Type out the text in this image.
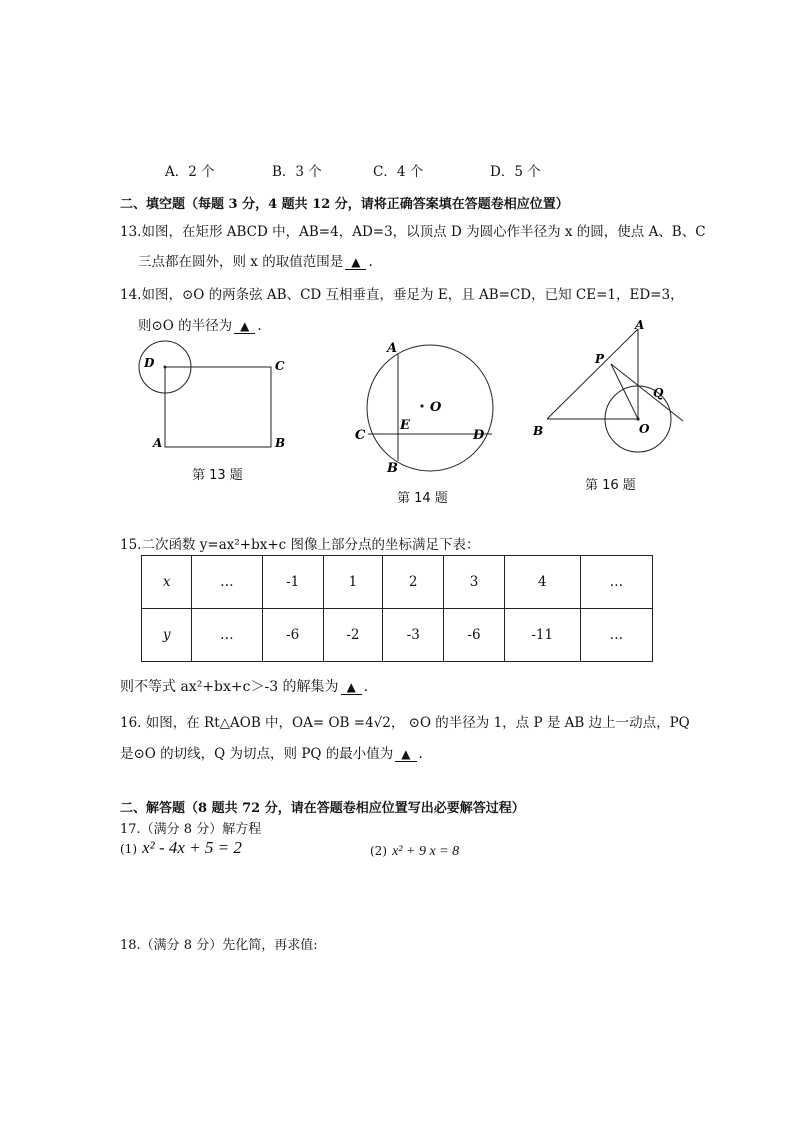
A．2 个	B．3 个	C．4 个	D．5 个
二、填空题（每题 3 分，4 题共 12 分，请将正确答案填在答题卷相应位置）
13.如图，在矩形 ABCD 中，AB=4，AD=3，以顶点 D 为圆心作半径为 x 的圆，使点 A、B、C
三点都在圆外，则 x 的取值范围是 ▲ .
14.如图，⊙O 的两条弦 AB、CD 互相垂直，垂足为 E，且 AB=CD，已知 CE=1，ED=3，
则⊙O 的半径为 ▲ .
D	C
A	B
第 13 题
A
B
C	D
E
O
第 14 题
A
B
P
Q
O
第 16 题
15.二次函数 y=ax²+bx+c 图像上部分点的坐标满足下表：
x	…	-1	1	2	3	4	…
y	…	-6	-2	-3	-6	-11	…
则不等式 ax²+bx+c＞-3 的解集为 ▲ .
16. 如图，在 Rt△AOB 中，OA= OB =4√2， ⊙O 的半径为 1，点 P 是 AB 边上一动点，PQ
是⊙O 的切线，Q 为切点，则 PQ 的最小值为 ▲ .
二、解答题（8 题共 72 分，请在答题卷相应位置写出必要解答过程）
17.（满分 8 分）解方程
(1) x² - 4x + 5 = 2	(2) x² + 9 x = 8
18.（满分 8 分）先化简，再求值:
